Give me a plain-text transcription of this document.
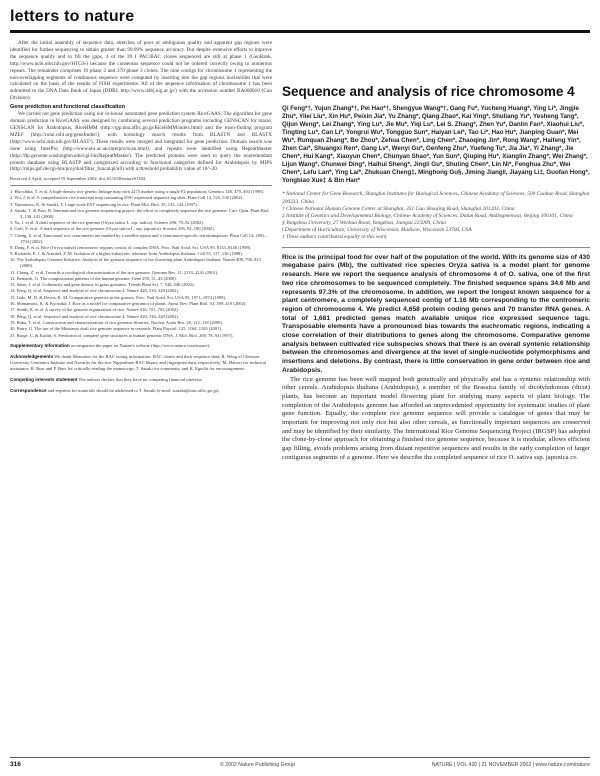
letters to nature

After the initial assembly of sequence data, stretches of poor or ambiguous quality and apparent gap regions were identified for further sequencing to obtain greater than 99.99% sequence accuracy. But despite extensive efforts to improve the sequence quality and to fill the gaps, 4 of the 39 I PAC/BAC clones sequenced are still at phase 1 (GenBank, http://www.ncbi.nlm.nih.gov/HTGS/) because the consensus sequence could not be ordered correctly owing to numerous repeats. The remainder comprises 16 phase 2 and 370 phase 3 clones. The nine contigs for chromosome 1 representing the non-overlapping segments of continuous sequence were computed by inserting into the gap regions nucleotides that were calculated on the basis of the results of FISH experiments. All of the sequence information of chromosome 1 has been submitted to the DNA Data Bank of Japan (DDBJ, http://www.ddbj.nig.ac.jp/) with the accession number BA000010 (Con Division).

Gene prediction and functional classification

We carried out gene prediction using our in-house automated gene prediction system RiceGAAS. The algorithm for gene domain prediction in RiceGAAS was designed by combining several prediction programs including GENSCAN for maize, GENSCAN for Arabidopsis, RiceHMM (http://rgp.dna.affrc.go.jp/RiceHMM/index.html) and the exon-finding program MZEF (http://rulai.cshl.org/genefinder/), with homology search results from BLASTN and BLASTX (http://www.ncbi.nlm.nih.gov/BLAST/). These results were merged and integrated for gene prediction. Domain search was done using InterPro (http://www.ebi.ac.uk/interpro/scan.html), and repeats were identified using RepeatMasker (http://ftp.genome.washington.edu/cgi-bin/RepeatMasker). The predicted proteins were used to query the nonredundant protein database using BLASTP and categorized according to functional categories defined for Arabidopsis by MIPS (http://mips.gsf.de/cgi-bin/proj/thal/filter_funcat.pl/all) with a threshold probability value of 10^-20.

Received 4 April; accepted 19 September 2002; doi:10.1038/nature01184.
1. Hirochika, T. et al. A high-density rice genetic linkage map with 2275 marker using a single F2 population. Genetics 148, 479–494 (1998).
2. Wu, J. et al. A comprehensive rice transcript map containing 6591 expressed sequence tag sites. Plant Cell 14, 525–535 (2002).
3. Yamamoto, K. & Sasaki, T. Large-scale EST sequencing in rice. Plant Mol. Biol. 35, 135–144 (1997).
4. Sasaki, T. & Burr, B. International rice genome sequencing project: the effort to completely sequence the rice genome. Curr. Opin. Plant Biol. 3, 138–141 (2000).
5. Yu, J. et al. A draft sequence of the rice genome (Oryza sativa L. ssp. indica). Science 296, 79–92 (2002).
6. Goff, S. et al. A draft sequence of the rice genome (Oryza sativa L. ssp. japonica). Science 296, 92–100 (2002).
7. Cheng, Z. et al. Functional rice centromeres are marked by a satellite repeat and a centromere-specific retrotransposon. Plant Cell 14, 1691–1704 (2002).
8. Dong, F. et al. Rice (Oryza sativa) centromeric regions consist of complex DNA. Proc. Natl Acad. Sci. USA 95, 8135–8140 (1998).
9. Richards, E. J. & Ausubel, F. M. Isolation of a higher eukaryotic telomere from Arabidopsis thaliana. Cell 53, 127–136 (1988).
10. The Arabidopsis Genome Initiative. Analysis of the genome sequence of the flowering plant Arabidopsis thaliana. Nature 408, 796–815 (2000).
11. Cheng, Z. et al. Towards a cytological characterization of the rice genome. Genome Res. 11, 2133–2141 (2001).
12. Bernardi, G. The compositional patterns of the human genome. Gene 259, 31–43 (2000).
13. Salse, J. et al. Colinearity and gene density in grass genomes. Trends Plant Sci. 7, 540–546 (2002).
14. Feng, Q. et al. Sequence and analysis of rice chromosome 4. Nature 420, 316–320 (2002).
15. Gale, M. D. & Devos, K. M. Comparative genetics in the grasses. Proc. Natl Acad. Sci. USA 95, 1971–1974 (1998).
16. Shimamoto, K. & Kyozuka, J. Rice as a model for comparative genomics of plants. Annu. Rev. Plant Biol. 53, 399–419 (2002).
17. Smith, K. et al. A survey of the genome organization of rice. Nature 416, 701–702 (2002).
18. Peng, Q. et al. Sequence and analysis of rice chromosome 4. Nature 420, 316–320 (2002).
19. Baba, T. et al. Construction and characterization of rice genomic libraries. Nucleic Acids Res. 28, 112–118 (2000).
20. Barry, G. The use of the Monsanto draft rice genome sequence in research. Plant Physiol. 125, 1164–1165 (2001).
21. Burge, C. & Karlin, S. Prediction of complete gene structures in human genomic DNA. J. Mol. Biol. 268, 78–94 (1997).
Supplementary Information accompanies the paper on Nature's website (http://www.nature.com/nature).
Acknowledgements We thank Monsanto for the BAC contig information, BAC clones and their sequence data; R. Wing of Clemson University Genomics Institute and Novartis for the rice Nipponbare BAC library and fingerprint data, respectively; M. Hattori for technical assistance; B. Burr and F. Burr for critically reading the manuscript; T. Sasaki for comments; and K. Eguchi for encouragement.
Competing interests statement The authors declare that they have no competing financial interests.
Correspondence and requests for materials should be addressed to T. Sasaki (e-mail: tsasaki@nias.affrc.go.jp).
Sequence and analysis of rice chromosome 4
Qi Feng*†, Yujun Zhang*†, Pei Hao*†, Shengyue Wang*†, Gang Fu*, Yucheng Huang*, Ying Li*, Jingjie Zhu*, Yilei Liu*, Xin Hu*, Peixin Jia*, Yu Zhang*, Qiang Zhao*, Kai Ying*, Shuliang Yu*, Yesheng Tang*, Qijun Weng*, Lei Zhang*, Ying Lu*, Jie Mu*, Yiqi Lu*, Lei S. Zhang*, Zhen Yu*, Danlin Fan*, Xiaohui Liu*, Tingting Lu*, Can Li*, Yongrui Wu*, Tongguo Sun*, Haiyan Lei*, Tao Li*, Hao Hu*, Jianping Guan*, Mei Wu*, Runquan Zhang*, Bo Zhou*, Zehua Chen*, Ling Chen*, Zhaoqing Jin*, Rong Wang*, Haifeng Yin*, Zhen Cai*, Shuangxi Ren*, Gang Lv*, Wenyi Gu*, Genfeng Zhu*, Yuefeng Tu*, Jia Jia*, Yi Zhang*, Jie Chen*, Hui Kang*, Xiaoyun Chen*, Chunyan Shao*, Yun Sun*, Qiuping Hu*, Xianglin Zhang*, Wei Zhang*, Lijun Wang*, Chunwei Ding*, Haihui Sheng*, Jingli Gu*, Shuting Chen*, Lin Ni*, Fenghua Zhu*, Wei Chen*, Lefu Lan*, Ying Lai*, Zhukuan Cheng‡, Minghong Gu§, Jiming Jiang‖, Jiayang Li‡, Guofan Hong*, Yongbiao Xue‡ & Bin Han*
* National Center for Gene Research, Shanghai Institutes for Biological Sciences, Chinese Academy of Sciences, 500 Caobao Road, Shanghai 200233, China
† Chinese National Human Genome Center at Shanghai, 351 Guo Shoujing Road, Shanghai 201203, China
‡ Institute of Genetics and Developmental Biology, Chinese Academy of Sciences, Datun Road, Andingmenwai, Beijing 100101, China
§ Yangzhou University, 27 Wenhua Road, Yangzhou, Jiangsu 225009, China
‖ Department of Horticulture, University of Wisconsin, Madison, Wisconsin 53706, USA
† These authors contributed equally to this work

Rice is the principal food for over half of the population of the world. With its genome size of 430 megabase pairs (Mb), the cultivated rice species Oryza sativa is a model plant for genome research. Here we report the sequence analysis of chromosome 4 of O. sativa, one of the first two rice chromosomes to be sequenced completely. The finished sequence spans 34.6 Mb and represents 97.3% of the chromosome. In addition, we report the longest known sequence for a plant centromere, a completely sequenced contig of 1.16 Mb corresponding to the centromeric region of chromosome 4. We predict 4,658 protein coding genes and 70 transfer RNA genes. A total of 1,681 predicted genes match available unique rice expressed sequence tags. Transposable elements have a pronounced bias towards the euchromatic regions, indicating a close correlation of their distributions to genes along the chromosome. Comparative genome analysis between cultivated rice subspecies shows that there is an overall syntenic relationship between the chromosomes and divergence at the level of single-nucleotide polymorphisms and insertions and deletions. By contrast, there is little conservation in gene order between rice and Arabidopsis.

The rice genome has been well mapped both genetically and physically and has a syntenic relationship with other cereals. Arabidopsis thaliana (Arabidopsis), a member of the Brassica family of dicotyledonous (dicot) plants, has become an important model flowering plant for studying many aspects of plant biology. The completion of the Arabidopsis genome has afforded an unprecedented opportunity for systematic studies of plant gene function. Equally, the complete rice genome sequence will provide a catalogue of genes that may be important for improving not only rice but also other cereals, as functionally important sequences are conserved and may be identified by their similarity. The International Rice Genome Sequencing Project (IRGSP) has adopted the clone-by-clone approach for obtaining a finished rice genome sequence, because it is modular, allows efficient gap filling, avoids problems arising from distant repetitive sequences and results in the early completion of larger contiguous segments of a genome. Here we describe the completed sequence of rice O. sativa ssp. japonica cv.

316	© 2002 Nature Publishing Group	NATURE | VOL 420 | 21 NOVEMBER 2002 | www.nature.com/nature
